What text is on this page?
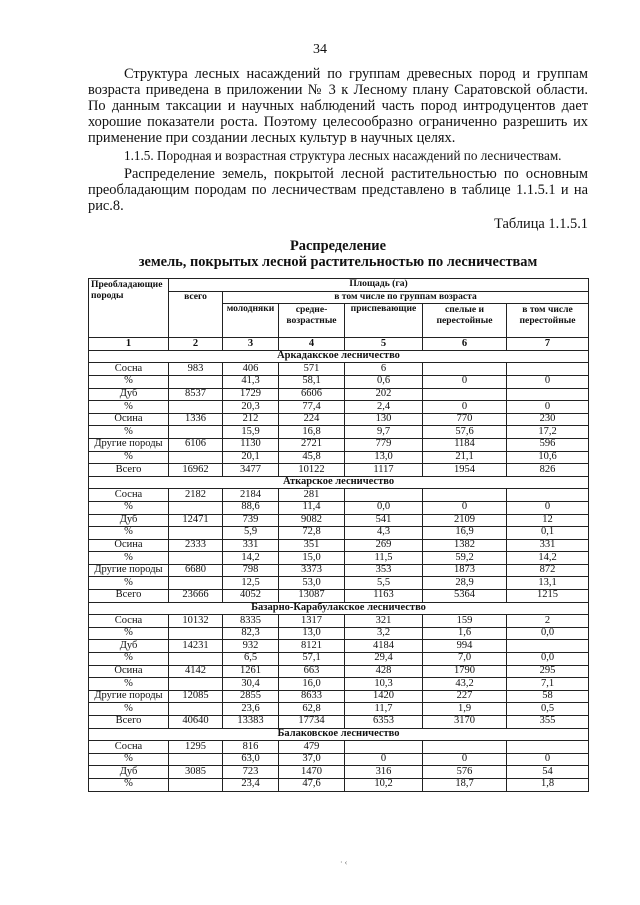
34

Структура лесных насаждений по группам древесных пород и группам возраста приведена в приложении № 3 к Лесному плану Саратовской области. По данным таксации и научных наблюдений часть пород интродуцентов дает хорошие показатели роста. Поэтому целесообразно ограниченно разрешить их применение при создании лесных культур в научных целях.

1.1.5. Породная и возрастная структура лесных насаждений по лесничествам.

Распределение земель, покрытой лесной растительностью по основным преобладающим породам по лесничествам представлено в таблице 1.1.5.1 и на рис.8.

Таблица 1.1.5.1
Распределение
земель, покрытых лесной растительностью по лесничествам
Преобладающие породы	Площадь (га)					
	всего	в том числе по группам возраста				
		молодняки	средне-возрастные	приспевающие	спелые и перестойные	в том числе перестойные
1	2	3	4	5	6	7
Аркадакское лесничество						
Сосна	983	406	571	6		
%		41,3	58,1	0,6	0	0
Дуб	8537	1729	6606	202		
%		20,3	77,4	2,4	0	0
Осина	1336	212	224	130	770	230
%		15,9	16,8	9,7	57,6	17,2
Другие породы	6106	1130	2721	779	1184	596
%		20,1	45,8	13,0	21,1	10,6
Всего	16962	3477	10122	1117	1954	826
Аткарское лесничество						
Сосна	2182	2184	281			
%		88,6	11,4	0,0	0	0
Дуб	12471	739	9082	541	2109	12
%		5,9	72,8	4,3	16,9	0,1
Осина	2333	331	351	269	1382	331
%		14,2	15,0	11,5	59,2	14,2
Другие породы	6680	798	3373	353	1873	872
%		12,5	53,0	5,5	28,9	13,1
Всего	23666	4052	13087	1163	5364	1215
Базарно-Карабулакское лесничество						
Сосна	10132	8335	1317	321	159	2
%		82,3	13,0	3,2	1,6	0,0
Дуб	14231	932	8121	4184	994	
%		6,5	57,1	29,4	7,0	0,0
Осина	4142	1261	663	428	1790	295
%		30,4	16,0	10,3	43,2	7,1
Другие породы	12085	2855	8633	1420	227	58
%		23,6	62,8	11,7	1,9	0,5
Всего	40640	13383	17734	6353	3170	355
Балаковское лесничество						
Сосна	1295	816	479			
%		63,0	37,0	0	0	0
Дуб	3085	723	1470	316	576	54
%		23,4	47,6	10,2	18,7	1,8
· ‹
